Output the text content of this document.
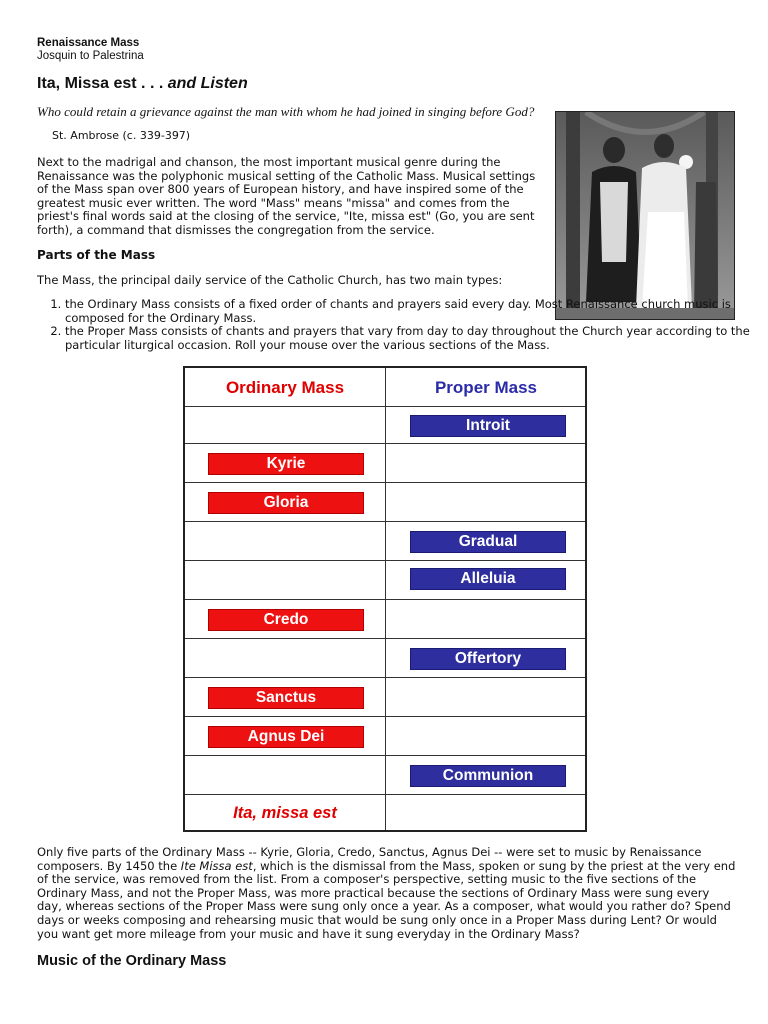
Renaissance Mass
Josquin to Palestrina
Ita, Missa est . . . and Listen
Who could retain a grievance against the man with whom he had joined in singing before God?
St. Ambrose (c. 339-397)
Next to the madrigal and chanson, the most important musical genre during the Renaissance was the polyphonic musical setting of the Catholic Mass. Musical settings of the Mass span over 800 years of European history, and have inspired some of the greatest music ever written. The word "Mass" means "missa" and comes from the priest's final words said at the closing of the service, "Ite, missa est" (Go, you are sent forth), a command that dismisses the congregation from the service.
Parts of the Mass
The Mass, the principal daily service of the Catholic Church, has two main types:
1. the Ordinary Mass consists of a fixed order of chants and prayers said every day. Most Renaissance church music is composed for the Ordinary Mass.
2. the Proper Mass consists of chants and prayers that vary from day to day throughout the Church year according to the particular liturgical occasion. Roll your mouse over the various sections of the Mass.
Ordinary Mass	Proper Mass
Introit
Kyrie
Gloria
Gradual
Alleluia
Credo
Offertory
Sanctus
Agnus Dei
Communion
Ita, missa est
Only five parts of the Ordinary Mass -- Kyrie, Gloria, Credo, Sanctus, Agnus Dei -- were set to music by Renaissance composers. By 1450 the Ite Missa est, which is the dismissal from the Mass, spoken or sung by the priest at the very end of the service, was removed from the list. From a composer's perspective, setting music to the five sections of the Ordinary Mass, and not the Proper Mass, was more practical because the sections of Ordinary Mass were sung every day, whereas sections of the Proper Mass were sung only once a year. As a composer, what would you rather do? Spend days or weeks composing and rehearsing music that would be sung only once in a Proper Mass during Lent? Or would you want get more mileage from your music and have it sung everyday in the Ordinary Mass?
Music of the Ordinary Mass
